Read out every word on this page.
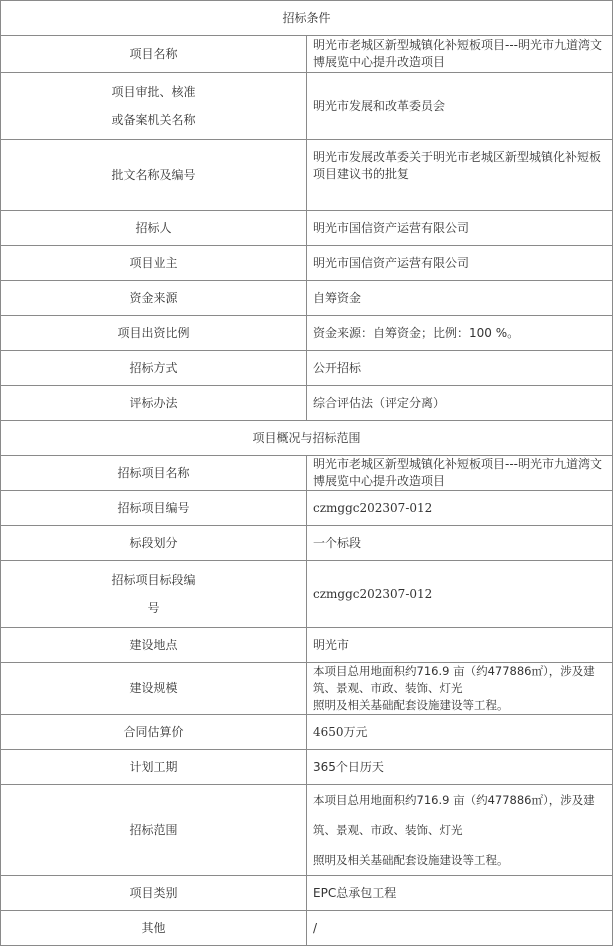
招标条件	
项目名称	明光市老城区新型城镇化补短板项目---明光市九道湾文博展览中心提升改造项目

项目审批、核准
或备案机关名称	明光市发展和改革委员会
批文名称及编号	明光市发展改革委关于明光市老城区新型城镇化补短板项目建议书的批复
招标人	明光市国信资产运营有限公司
项目业主	明光市国信资产运营有限公司
资金来源	自筹资金
项目出资比例	资金来源：自筹资金；比例：100 %。
招标方式	公开招标
评标办法	综合评估法（评定分离）
项目概况与招标范围	
招标项目名称	明光市老城区新型城镇化补短板项目---明光市九道湾文博展览中心提升改造项目
招标项目编号	czmggc202307-012
标段划分	一个标段

招标项目标段编
号	czmggc202307-012
建设地点	明光市
建设规模	本项目总用地面积约716.9 亩（约477886㎡），涉及建筑、景观、市政、装饰、灯光
照明及相关基础配套设施建设等工程。

合同估算价	4650万元
计划工期	365个日历天
招标范围	本项目总用地面积约716.9 亩（约477886㎡），涉及建筑、景观、市政、装饰、灯光
照明及相关基础配套设施建设等工程。

项目类别	EPC总承包工程
其他	/
